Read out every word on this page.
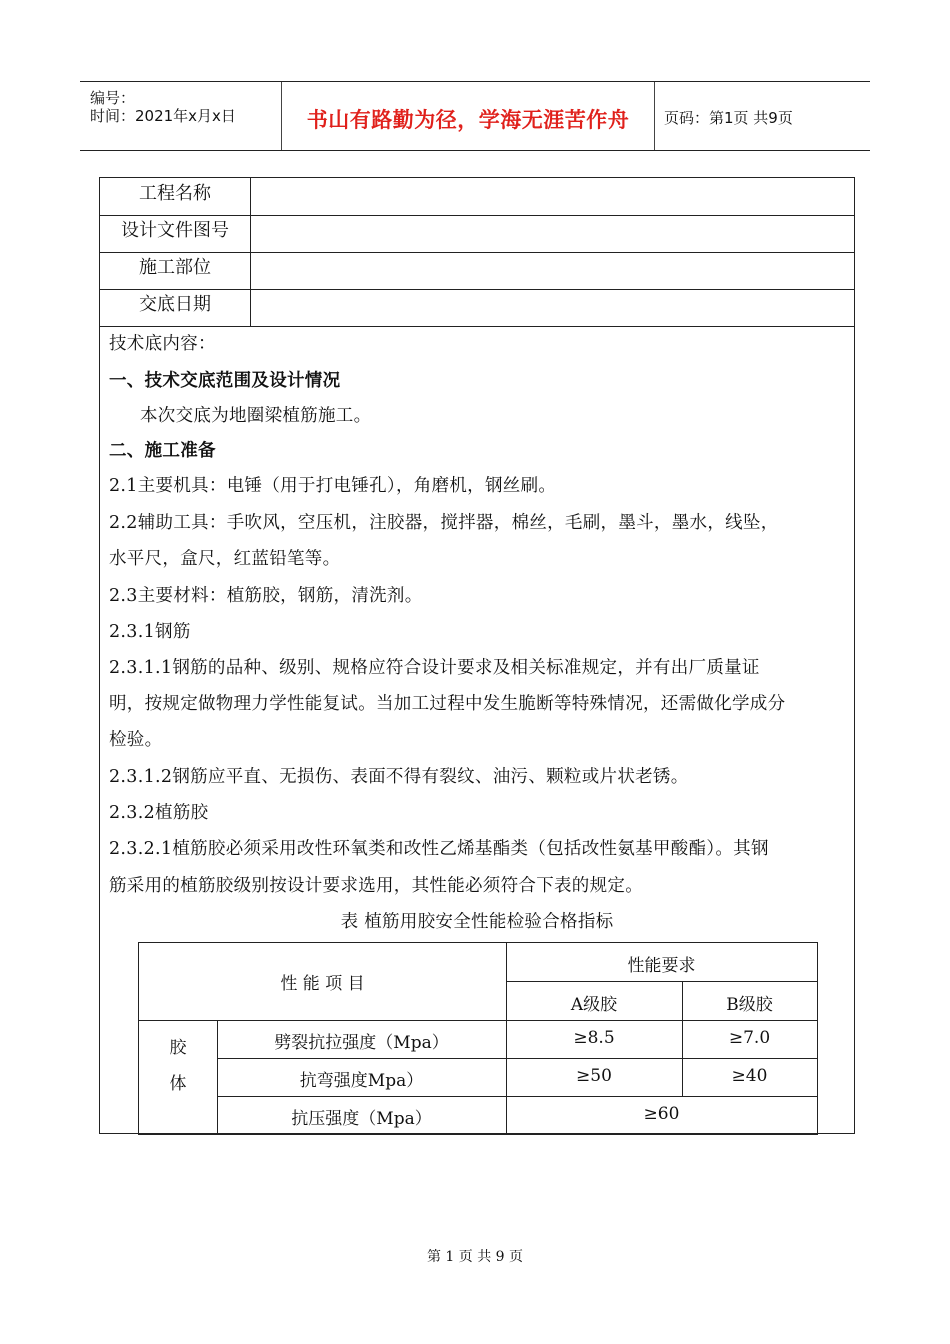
编号：
时间：2021年x月x日	书山有路勤为径，学海无涯苦作舟	页码：第1页 共9页
工程名称
设计文件图号
施工部位
交底日期
技术底内容：
一、技术交底范围及设计情况
本次交底为地圈梁植筋施工。
二、施工准备
2.1主要机具：电锤（用于打电锤孔），角磨机，钢丝刷。
2.2辅助工具：手吹风，空压机，注胶器，搅拌器，棉丝，毛刷，墨斗，墨水，线坠，
水平尺，盒尺，红蓝铅笔等。
2.3主要材料：植筋胶，钢筋，清洗剂。
2.3.1钢筋
2.3.1.1钢筋的品种、级别、规格应符合设计要求及相关标准规定，并有出厂质量证
明，按规定做物理力学性能复试。当加工过程中发生脆断等特殊情况，还需做化学成分
检验。
2.3.1.2钢筋应平直、无损伤、表面不得有裂纹、油污、颗粒或片状老锈。
2.3.2植筋胶
2.3.2.1植筋胶必须采用改性环氧类和改性乙烯基酯类（包括改性氨基甲酸酯）。其钢
筋采用的植筋胶级别按设计要求选用，其性能必须符合下表的规定。
表 植筋用胶安全性能检验合格指标
性 能 项 目
性能要求
A级胶	B级胶
胶
体
劈裂抗拉强度（Mpa）	≥8.5	≥7.0
抗弯强度Mpa）	≥50	≥40
抗压强度（Mpa）	≥60
第 1 页 共 9 页
